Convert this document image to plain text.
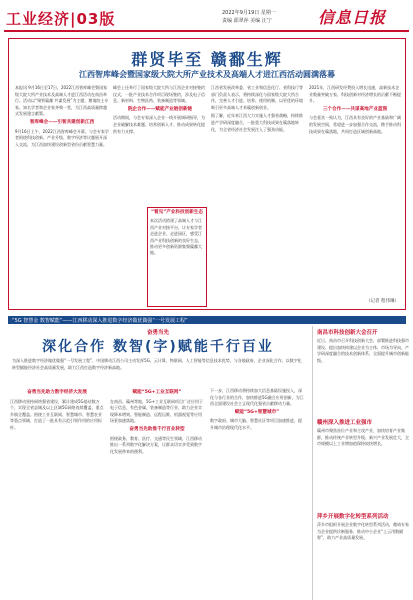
工业经济|03版	2022年9月19日 星期一
责编 邱翠萍 美编 汪宁	信息日报
群贤毕至 赣鄱生辉
江西智库峰会暨国家级大院大所产业技术及高端人才进江西活动圆满落幕
本报讯 9月16日至17日，2022江西智库峰会暨国家级大院大所产业技术及高端人才进江西活动在南昌举行。活动以“聚智赣鄱 共谋发展”为主题，邀请院士专家、知名学者和企业家齐聚一堂，为江西高质量跨越式发展建言献策。
智库峰会——引智共建创新江西
9月16日上午，2022江西智库峰会开幕。与会专家学者围绕科技创新、产业升级、数字经济等议题展开深入交流，为江西加快建设创新型省份贡献智慧力量。
峰会上还举行了国家级大院大所与江西企业对接签约仪式，一批产业技术合作项目现场签约，涉及电子信息、新材料、生物医药、装备制造等领域。
院企合作——赋能产业链创新链
活动期间，与会专家深入企业一线开展调研指导，为企业破解技术难题、培养创新人才、推动成果转化提供有力支撑。
“看见”产业科技创新生态
本次活动搭建了高端人才与江西产业对接平台，让专家学者走进企业、走进园区，感受江西产业科技创新的良好生态，推动更多创新资源集聚赣鄱大地。
江西省发展改革委、省工业和信息化厅、省科技厅等部门负责人表示，将持续深化与国家级大院大所合作，完善人才引进、培养、使用机制，以更优的环境吸引更多高端人才来赣创新创业。
据了解，近年来江西大力实施人才强省战略，持续推进产学研深度融合，一批重大科技成果在赣落地转化，为全省经济社会发展注入了强劲动能。
2021年，江西研发经费投入增长迅速，高新技术企业数量突破万家，科技创新对经济增长的贡献不断提升。
三个合作——共谋高地产业蓝图
与会嘉宾一致认为，江西具有良好的产业基础和广阔的发展空间，希望进一步加强合作交流，携手推动科技成果在赣落地，共同打造区域创新高地。
（记者 程伟琳）
“5G 智慧金 数智赋能”——江西移动深入推进数字经济做优做强“一号发展工程”
奋勇当先
深化合作 数智(字)赋能千行百业
为深入推进数字经济做优做强“一号发展工程”，中国移动江西公司主动发挥5G、云计算、物联网、人工智能等信息技术优势，与各地政府、企业深化合作，以数字化转型赋能经济社会高质量发展，助力江西打造数字经济新高地。
奋勇当先助力数字经济大发展
江西移动坚持网络强省建设，累计建成5G基站数万个，实现全省县城及以上区域5G网络连续覆盖、重点乡镇全覆盖。围绕工业互联网、智慧城市、智慧农业等重点领域，打造了一批具有示范引领作用的应用标杆。
赋能“5G+工业互联网”
在南昌、赣州等地，5G+工业互联网项目广泛应用于电子信息、有色金属、装备制造等行业，助力企业实现降本增效。智能制造、远程运维、机器视觉等应用场景加速落地。
奋勇当先助推千行百业转型
围绕政务、教育、医疗、交通等民生领域，江西移动推出一系列数字化解决方案，让群众切实享受到数字化发展带来的便利。
下一步，江西移动将持续加大信息基础设施投入，深化与各行业的合作，加快推进5G融合应用创新，为江西全面建设社会主义现代化强省贡献移动力量。
赋能“5G+智慧城市”
数字政府、城市大脑、智慧社区等项目加速推进，提升城市治理现代化水平。
南昌市科技创新大会召开
近日，南昌市召开科技创新大会，部署推进科技强市建设，提出加快构建以企业为主体、市场为导向、产学研深度融合的技术创新体系，全面提升城市创新能级。
赣州深入推进工业强市
赣州市聚焦首位产业和主攻产业，加快培育产业集群，推动传统产业转型升级、新兴产业发展壮大，全市规模以上工业增加值保持较快增长。
萍乡开展数字化转型系列活动
萍乡市组织开展企业数字化转型系列活动，邀请专家为企业提供诊断服务，推动中小企业“上云用数赋智”，助力产业高质量发展。
